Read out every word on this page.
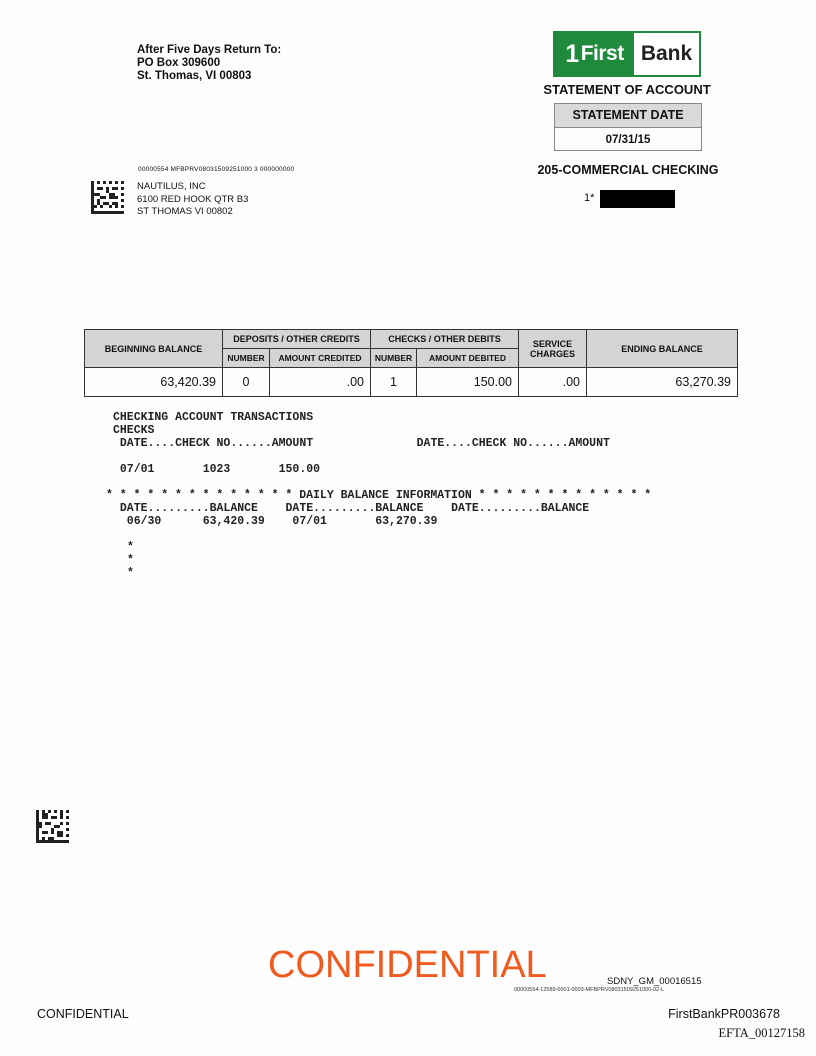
After Five Days Return To:
PO Box 309600
St. Thomas, VI 00803
1 First Bank
STATEMENT OF ACCOUNT
STATEMENT DATE
07/31/15
205-COMMERCIAL CHECKING
1*
00000554 MFBPRV08031509251000 3 000000000
NAUTILUS, INC
6100 RED HOOK QTR B3
ST THOMAS VI 00802
BEGINNING BALANCE	DEPOSITS / OTHER CREDITS		CHECKS / OTHER DEBITS		SERVICE CHARGES	ENDING BALANCE
	NUMBER	AMOUNT CREDITED	NUMBER	AMOUNT DEBITED		
63,420.39	0	.00	1	150.00	.00	63,270.39
CHECKING ACCOUNT TRANSACTIONS
CHECKS
DATE....CHECK NO......AMOUNT               DATE....CHECK NO......AMOUNT
07/01       1023       150.00
* * * * * * * * * * * * * * DAILY BALANCE INFORMATION * * * * * * * * * * * * *
DATE.........BALANCE    DATE.........BALANCE    DATE.........BALANCE
06/30      63,420.39    07/01       63,270.39
*
*
*
CONFIDENTIAL	SDNY_GM_00016515
00000554-12589-0001-0003-MFBPRV08031509251000-02-L
CONFIDENTIAL	FirstBankPR003678
EFTA_00127158
